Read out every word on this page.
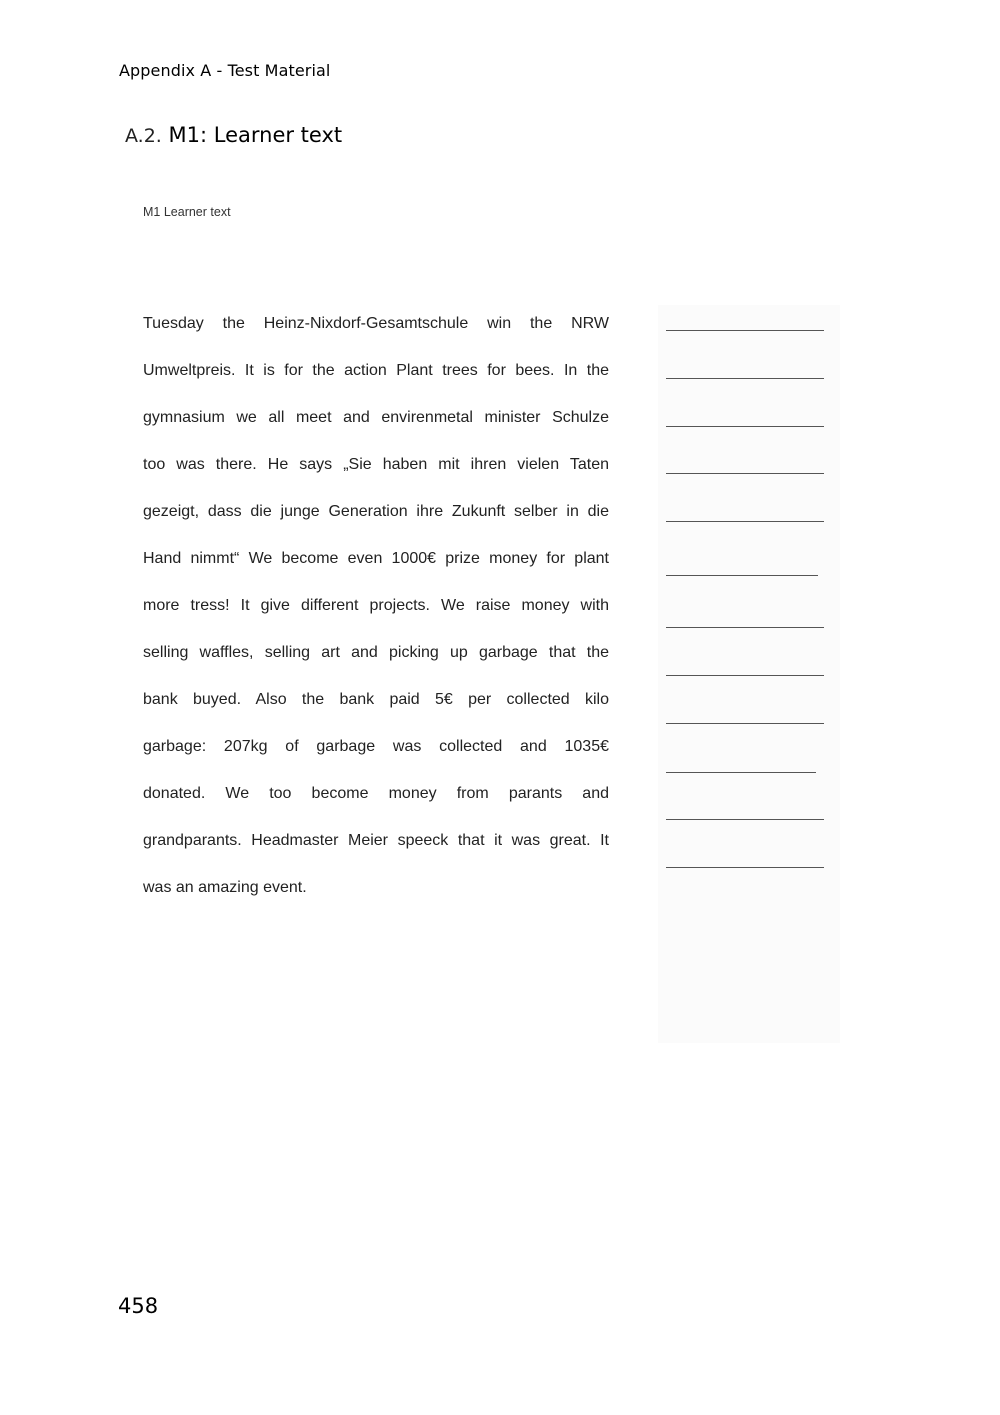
Appendix A - Test Material
A.2. M1: Learner text
M1 Learner text
Tuesday the Heinz-Nixdorf-Gesamtschule win the NRW
Umweltpreis. It is for the action Plant trees for bees. In the
gymnasium we all meet and envirenmetal minister Schulze
too was there. He says „Sie haben mit ihren vielen Taten
gezeigt, dass die junge Generation ihre Zukunft selber in die
Hand nimmt“ We become even 1000€ prize money for plant
more tress! It give different projects. We raise money with
selling waffles, selling art and picking up garbage that the
bank buyed. Also the bank paid 5€ per collected kilo
garbage: 207kg of garbage was collected and 1035€
donated. We too become money from parants and
grandparants. Headmaster Meier speeck that it was great. It
was an amazing event.
458
